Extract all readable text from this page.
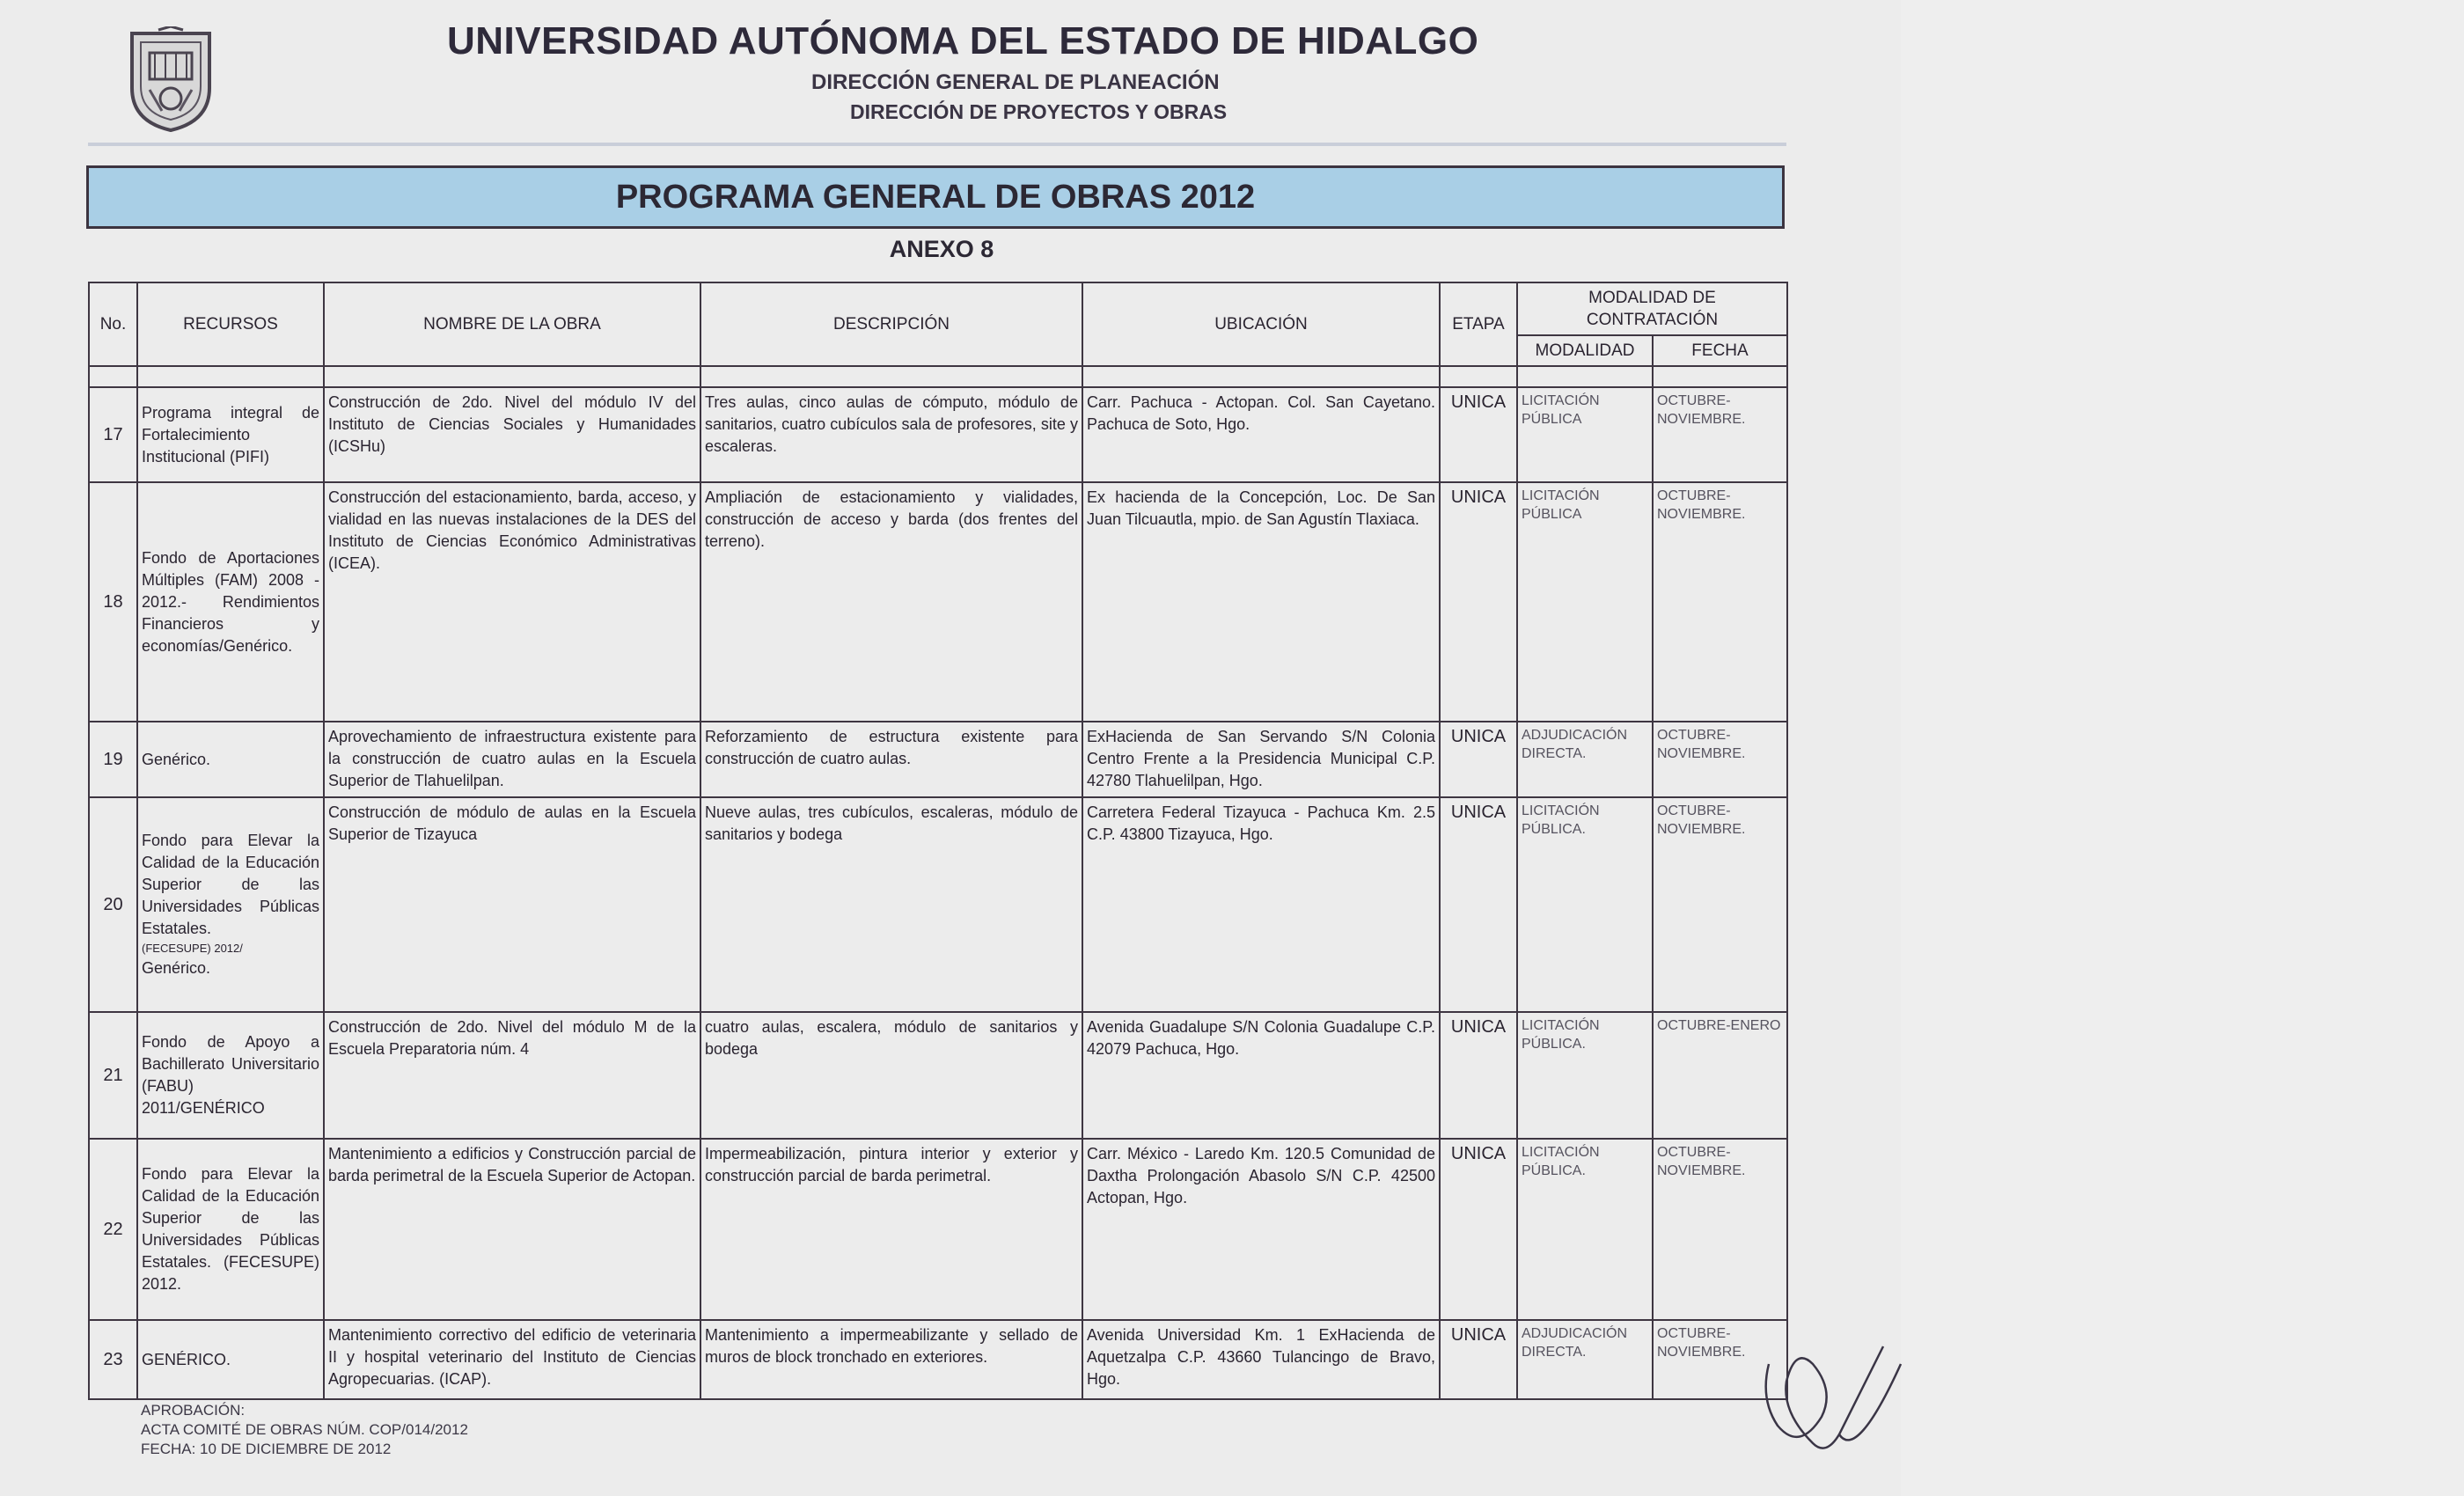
UNIVERSIDAD AUTÓNOMA DEL ESTADO DE HIDALGO
DIRECCIÓN GENERAL DE PLANEACIÓN
DIRECCIÓN DE PROYECTOS Y OBRAS
PROGRAMA GENERAL DE OBRAS 2012
ANEXO 8
No.	RECURSOS	NOMBRE DE LA OBRA	DESCRIPCIÓN	UBICACIÓN	ETAPA	MODALIDAD DE CONTRATACIÓN	
						MODALIDAD	FECHA

17	Programa integral de Fortalecimiento Institucional (PIFI)	Construcción de 2do. Nivel del módulo IV del Instituto de Ciencias Sociales y Humanidades (ICSHu)	Tres aulas, cinco aulas de cómputo, módulo de sanitarios, cuatro cubículos sala de profesores, site y escaleras.	Carr. Pachuca - Actopan. Col. San Cayetano. Pachuca de Soto, Hgo.	UNICA	LICITACIÓN PÚBLICA	OCTUBRE-NOVIEMBRE.
18	Fondo de Aportaciones Múltiples (FAM) 2008 - 2012.- Rendimientos Financieros y economías/Genérico.	Construcción del estacionamiento, barda, acceso, y vialidad en las nuevas instalaciones de la DES del Instituto de Ciencias Económico Administrativas (ICEA).	Ampliación de estacionamiento y vialidades, construcción de acceso y barda (dos frentes del terreno).	Ex hacienda de la Concepción, Loc. De San Juan Tilcuautla, mpio. de San Agustín Tlaxiaca.	UNICA	LICITACIÓN PÚBLICA	OCTUBRE-NOVIEMBRE.
19	Genérico.	Aprovechamiento de infraestructura existente para la construcción de cuatro aulas en la Escuela Superior de Tlahuelilpan.	Reforzamiento de estructura existente para construcción de cuatro aulas.	ExHacienda de San Servando S/N Colonia Centro Frente a la Presidencia Municipal C.P. 42780 Tlahuelilpan, Hgo.	UNICA	ADJUDICACIÓN DIRECTA.	OCTUBRE-NOVIEMBRE.
20	Fondo para Elevar la Calidad de la Educación Superior de las Universidades Públicas Estatales.
(FECESUPE) 2012/
Genérico.	Construcción de módulo de aulas en la Escuela Superior de Tizayuca	Nueve aulas, tres cubículos, escaleras, módulo de sanitarios y bodega	Carretera Federal Tizayuca - Pachuca Km. 2.5 C.P. 43800 Tizayuca, Hgo.	UNICA	LICITACIÓN PÚBLICA.	OCTUBRE-NOVIEMBRE.
21	Fondo de Apoyo a Bachillerato Universitario (FABU) 2011/GENÉRICO	Construcción de 2do. Nivel del módulo M de la Escuela Preparatoria núm. 4	cuatro aulas, escalera, módulo de sanitarios y bodega	Avenida Guadalupe S/N Colonia Guadalupe C.P. 42079 Pachuca, Hgo.	UNICA	LICITACIÓN PÚBLICA.	OCTUBRE-ENERO
22	Fondo para Elevar la Calidad de la Educación Superior de las Universidades Públicas Estatales. (FECESUPE) 2012.	Mantenimiento a edificios y Construcción parcial de barda perimetral de la Escuela Superior de Actopan.	Impermeabilización, pintura interior y exterior y construcción parcial de barda perimetral.	Carr. México - Laredo Km. 120.5 Comunidad de Daxtha Prolongación Abasolo S/N C.P. 42500 Actopan, Hgo.	UNICA	LICITACIÓN PÚBLICA.	OCTUBRE-NOVIEMBRE.
23	GENÉRICO.	Mantenimiento correctivo del edificio de veterinaria II y hospital veterinario del Instituto de Ciencias Agropecuarias. (ICAP).	Mantenimiento a impermeabilizante y sellado de muros de block tronchado en exteriores.	Avenida Universidad Km. 1 ExHacienda de Aquetzalpa C.P. 43660 Tulancingo de Bravo, Hgo.	UNICA	ADJUDICACIÓN DIRECTA.	OCTUBRE-NOVIEMBRE.
APROBACIÓN:
ACTA COMITÉ DE OBRAS NÚM. COP/014/2012
FECHA: 10 DE DICIEMBRE DE 2012
